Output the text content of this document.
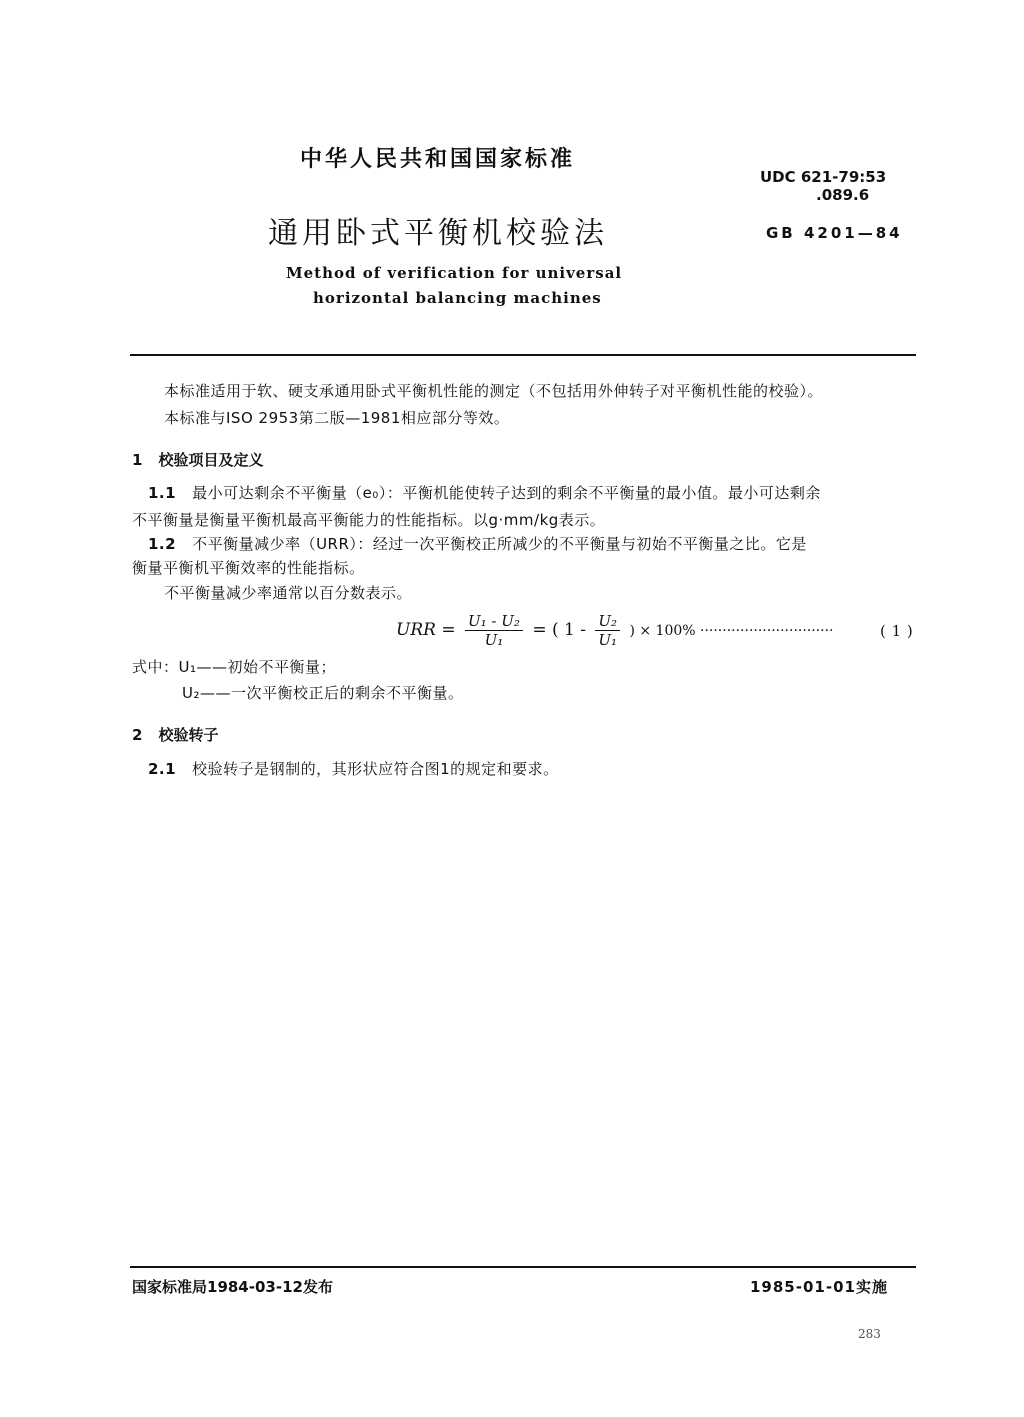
中华人民共和国国家标准
UDC 621-79:53
.089.6
通用卧式平衡机校验法	GB 4201—84
Method of verification for universal
horizontal balancing machines
本标准适用于软、硬支承通用卧式平衡机性能的测定（不包括用外伸转子对平衡机性能的校验）。
本标准与ISO 2953第二版—1981相应部分等效。
1 校验项目及定义
1.1 最小可达剩余不平衡量（e₀）：平衡机能使转子达到的剩余不平衡量的最小值。最小可达剩余
不平衡量是衡量平衡机最高平衡能力的性能指标。以g·mm/kg表示。
1.2 不平衡量减少率（URR）：经过一次平衡校正所减少的不平衡量与初始不平衡量之比。它是
衡量平衡机平衡效率的性能指标。
不平衡量减少率通常以百分数表示。
URR = $\frac{\text{U₁ - U₂}}{\text{U₁}}$ = ( $1 - \frac{\text{U₂}}{\text{U₁}}$ ) × 100% ······························	( 1 )
式中：U₁——初始不平衡量；
U₂——一次平衡校正后的剩余不平衡量。
2 校验转子
2.1 校验转子是钢制的，其形状应符合图1的规定和要求。
国家标准局1984-03-12发布	1985-01-01实施
283
